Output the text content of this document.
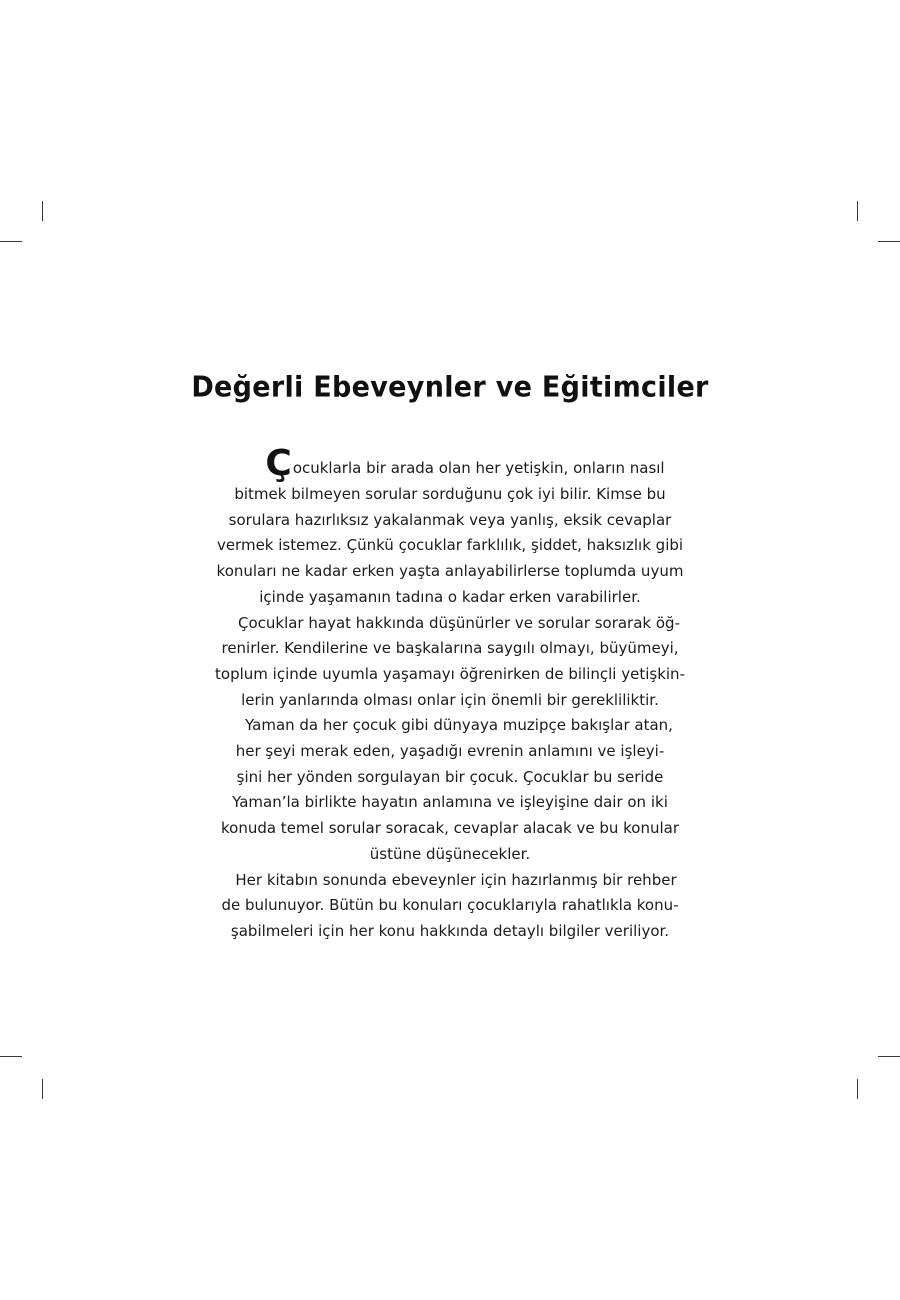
Değerli Ebeveynler ve Eğitimciler
Çocuklarla bir arada olan her yetişkin, onların nasıl
bitmek bilmeyen sorular sorduğunu çok iyi bilir. Kimse bu
sorulara hazırlıksız yakalanmak veya yanlış, eksik cevaplar
vermek istemez. Çünkü çocuklar farklılık, şiddet, haksızlık gibi
konuları ne kadar erken yaşta anlayabilirlerse toplumda uyum
içinde yaşamanın tadına o kadar erken varabilirler.
Çocuklar hayat hakkında düşünürler ve sorular sorarak öğ-
renirler. Kendilerine ve başkalarına saygılı olmayı, büyümeyi,
toplum içinde uyumla yaşamayı öğrenirken de bilinçli yetişkin-
lerin yanlarında olması onlar için önemli bir gerekliliktir.
Yaman da her çocuk gibi dünyaya muzipçe bakışlar atan,
her şeyi merak eden, yaşadığı evrenin anlamını ve işleyi-
şini her yönden sorgulayan bir çocuk. Çocuklar bu seride
Yaman’la birlikte hayatın anlamına ve işleyişine dair on iki
konuda temel sorular soracak, cevaplar alacak ve bu konular
üstüne düşünecekler.
Her kitabın sonunda ebeveynler için hazırlanmış bir rehber
de bulunuyor. Bütün bu konuları çocuklarıyla rahatlıkla konu-
şabilmeleri için her konu hakkında detaylı bilgiler veriliyor.
